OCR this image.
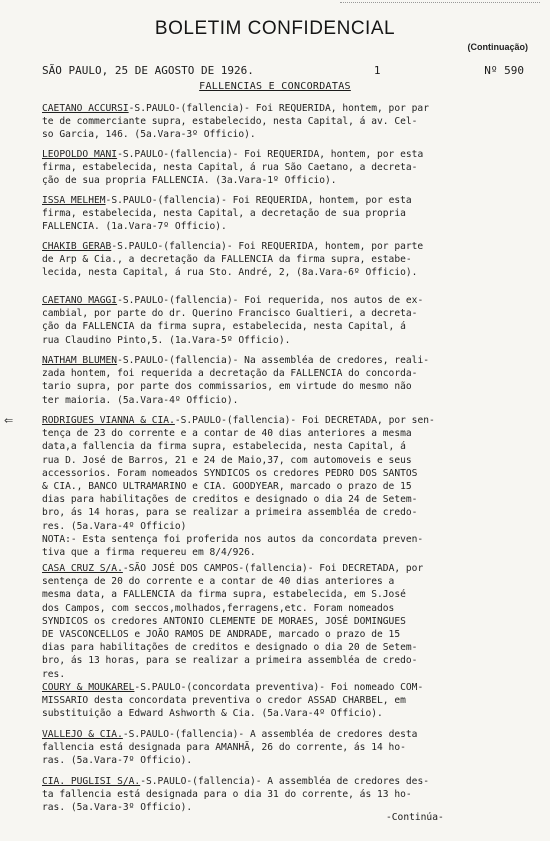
BOLETIM CONFIDENCIAL
(Continuação)
SÃO PAULO, 25 DE AGOSTO DE 1926.	1	Nº 590
FALLENCIAS E CONCORDATAS
⇐
CAETANO ACCURSI-S.PAULO-(fallencia)- Foi REQUERIDA, hontem, por par
te de commerciante supra, estabelecido, nesta Capital, á av. Cel-
so Garcia, 146. (5a.Vara-3º Officio).
LEOPOLDO MANI-S.PAULO-(fallencia)- Foi REQUERIDA, hontem, por esta
firma, estabelecida, nesta Capital, á rua São Caetano, a decreta-
ção de sua propria FALLENCIA. (3a.Vara-1º Officio).
ISSA MELHEM-S.PAULO-(fallencia)- Foi REQUERIDA, hontem, por esta
firma, estabelecida, nesta Capital, a decretação de sua propria
FALLENCIA. (1a.Vara-7º Officio).
CHAKIB GERAB-S.PAULO-(fallencia)- Foi REQUERIDA, hontem, por parte
de Arp & Cia., a decretação da FALLENCIA da firma supra, estabe-
lecida, nesta Capital, á rua Sto. André, 2, (8a.Vara-6º Officio).
CAETANO MAGGI-S.PAULO-(fallencia)- Foi requerida, nos autos de ex-
cambial, por parte do dr. Querino Francisco Gualtieri, a decreta-
ção da FALLENCIA da firma supra, estabelecida, nesta Capital, á
rua Claudino Pinto,5. (1a.Vara-5º Officio).
NATHAM BLUMEN-S.PAULO-(fallencia)- Na assembléa de credores, reali-
zada hontem, foi requerida a decretação da FALLENCIA do concorda-
tario supra, por parte dos commissarios, em virtude do mesmo não
ter maioria. (5a.Vara-4º Officio).
RODRIGUES VIANNA & CIA.-S.PAULO-(fallencia)- Foi DECRETADA, por sen-
tença de 23 do corrente e a contar de 40 dias anteriores a mesma
data,a fallencia da firma supra, estabelecida, nesta Capital, á
rua D. José de Barros, 21 e 24 de Maio,37, com automoveis e seus
accessorios. Foram nomeados SYNDICOS os credores PEDRO DOS SANTOS
& CIA., BANCO ULTRAMARINO e CIA. GOODYEAR, marcado o prazo de 15
dias para habilitações de creditos e designado o dia 24 de Setem-
bro, ás 14 horas, para se realizar a primeira assembléa de credo-
res. (5a.Vara-4º Officio)
NOTA:- Esta sentença foi proferida nos autos da concordata preven-
tiva que a firma requereu em 8/4/926.
CASA CRUZ S/A.-SÃO JOSÉ DOS CAMPOS-(fallencia)- Foi DECRETADA, por
sentença de 20 do corrente e a contar de 40 dias anteriores a
mesma data, a FALLENCIA da firma supra, estabelecida, em S.José
dos Campos, com seccos,molhados,ferragens,etc. Foram nomeados
SYNDICOS os credores ANTONIO CLEMENTE DE MORAES, JOSÉ DOMINGUES
DE VASCONCELLOS e JOÃO RAMOS DE ANDRADE, marcado o prazo de 15
dias para habilitações de creditos e designado o dia 20 de Setem-
bro, ás 13 horas, para se realizar a primeira assembléa de credo-
res.
COURY & MOUKAREL-S.PAULO-(concordata preventiva)- Foi nomeado COM-
MISSARIO desta concordata preventiva o credor ASSAD CHARBEL, em
substituição a Edward Ashworth & Cia. (5a.Vara-4º Officio).
VALLEJO & CIA.-S.PAULO-(fallencia)- A assembléa de credores desta
fallencia está designada para AMANHÃ, 26 do corrente, ás 14 ho-
ras. (5a.Vara-7º Officio).
CIA. PUGLISI S/A.-S.PAULO-(fallencia)- A assembléa de credores des-
ta fallencia está designada para o dia 31 do corrente, ás 13 ho-
ras. (5a.Vara-3º Officio).
-Continúa-
